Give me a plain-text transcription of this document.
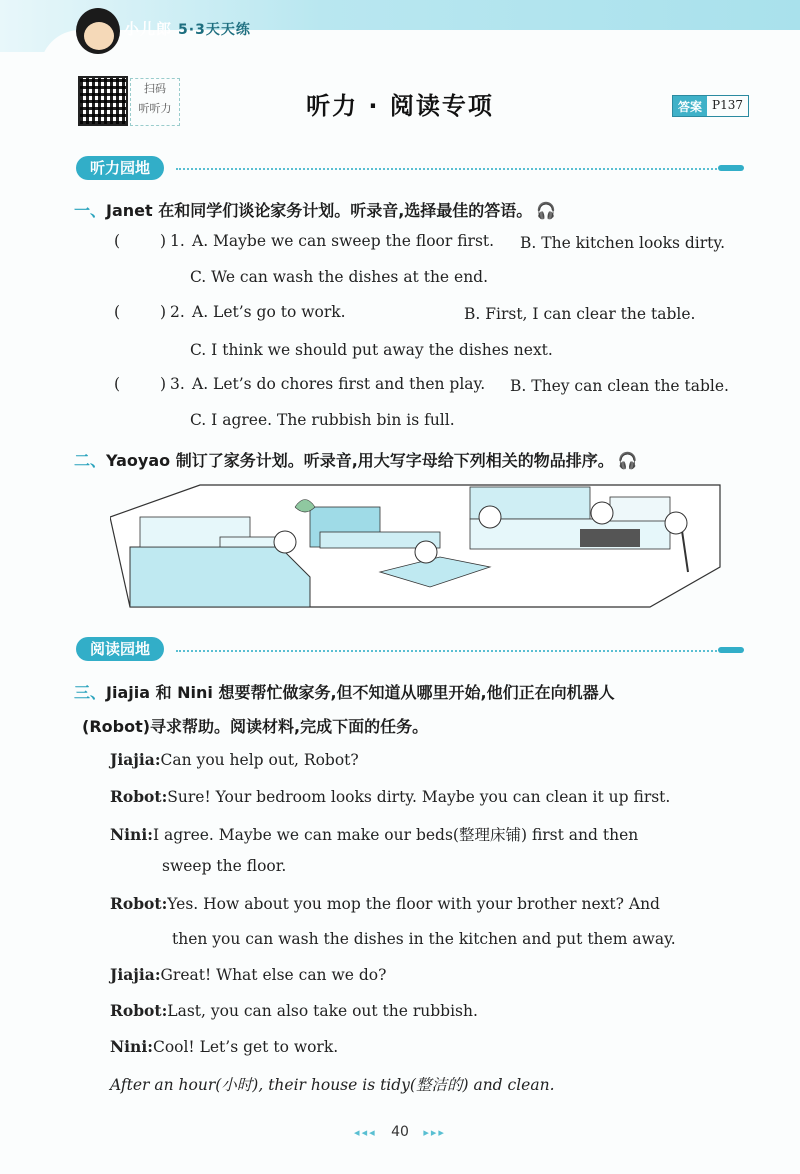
小儿郎 5·3天天练
扫码
听听力	听力 · 阅读专项	答案 P137
听力园地
一、Janet 在和同学们谈论家务计划。听录音,选择最佳的答语。 🎧
(	) 1. A. Maybe we can sweep the floor first. B. The kitchen looks dirty.
C. We can wash the dishes at the end.
(	) 2. A. Let’s go to work.	B. First, I can clear the table.
C. I think we should put away the dishes next.
(	) 3. A. Let’s do chores first and then play. B. They can clean the table.
C. I agree. The rubbish bin is full.
二、Yaoyao 制订了家务计划。听录音,用大写字母给下列相关的物品排序。 🎧
阅读园地
三、Jiajia 和 Nini 想要帮忙做家务,但不知道从哪里开始,他们正在向机器人
(Robot)寻求帮助。阅读材料,完成下面的任务。
Jiajia:Can you help out, Robot?
Robot:Sure! Your bedroom looks dirty. Maybe you can clean it up first.
Nini:I agree. Maybe we can make our beds(整理床铺) first and then
sweep the floor.
Robot:Yes. How about you mop the floor with your brother next? And
then you can wash the dishes in the kitchen and put them away.
Jiajia:Great! What else can we do?
Robot:Last, you can also take out the rubbish.
Nini:Cool! Let’s get to work.
After an hour(小时), their house is tidy(整洁的) and clean.
◂◂◂ 40 ▸▸▸
